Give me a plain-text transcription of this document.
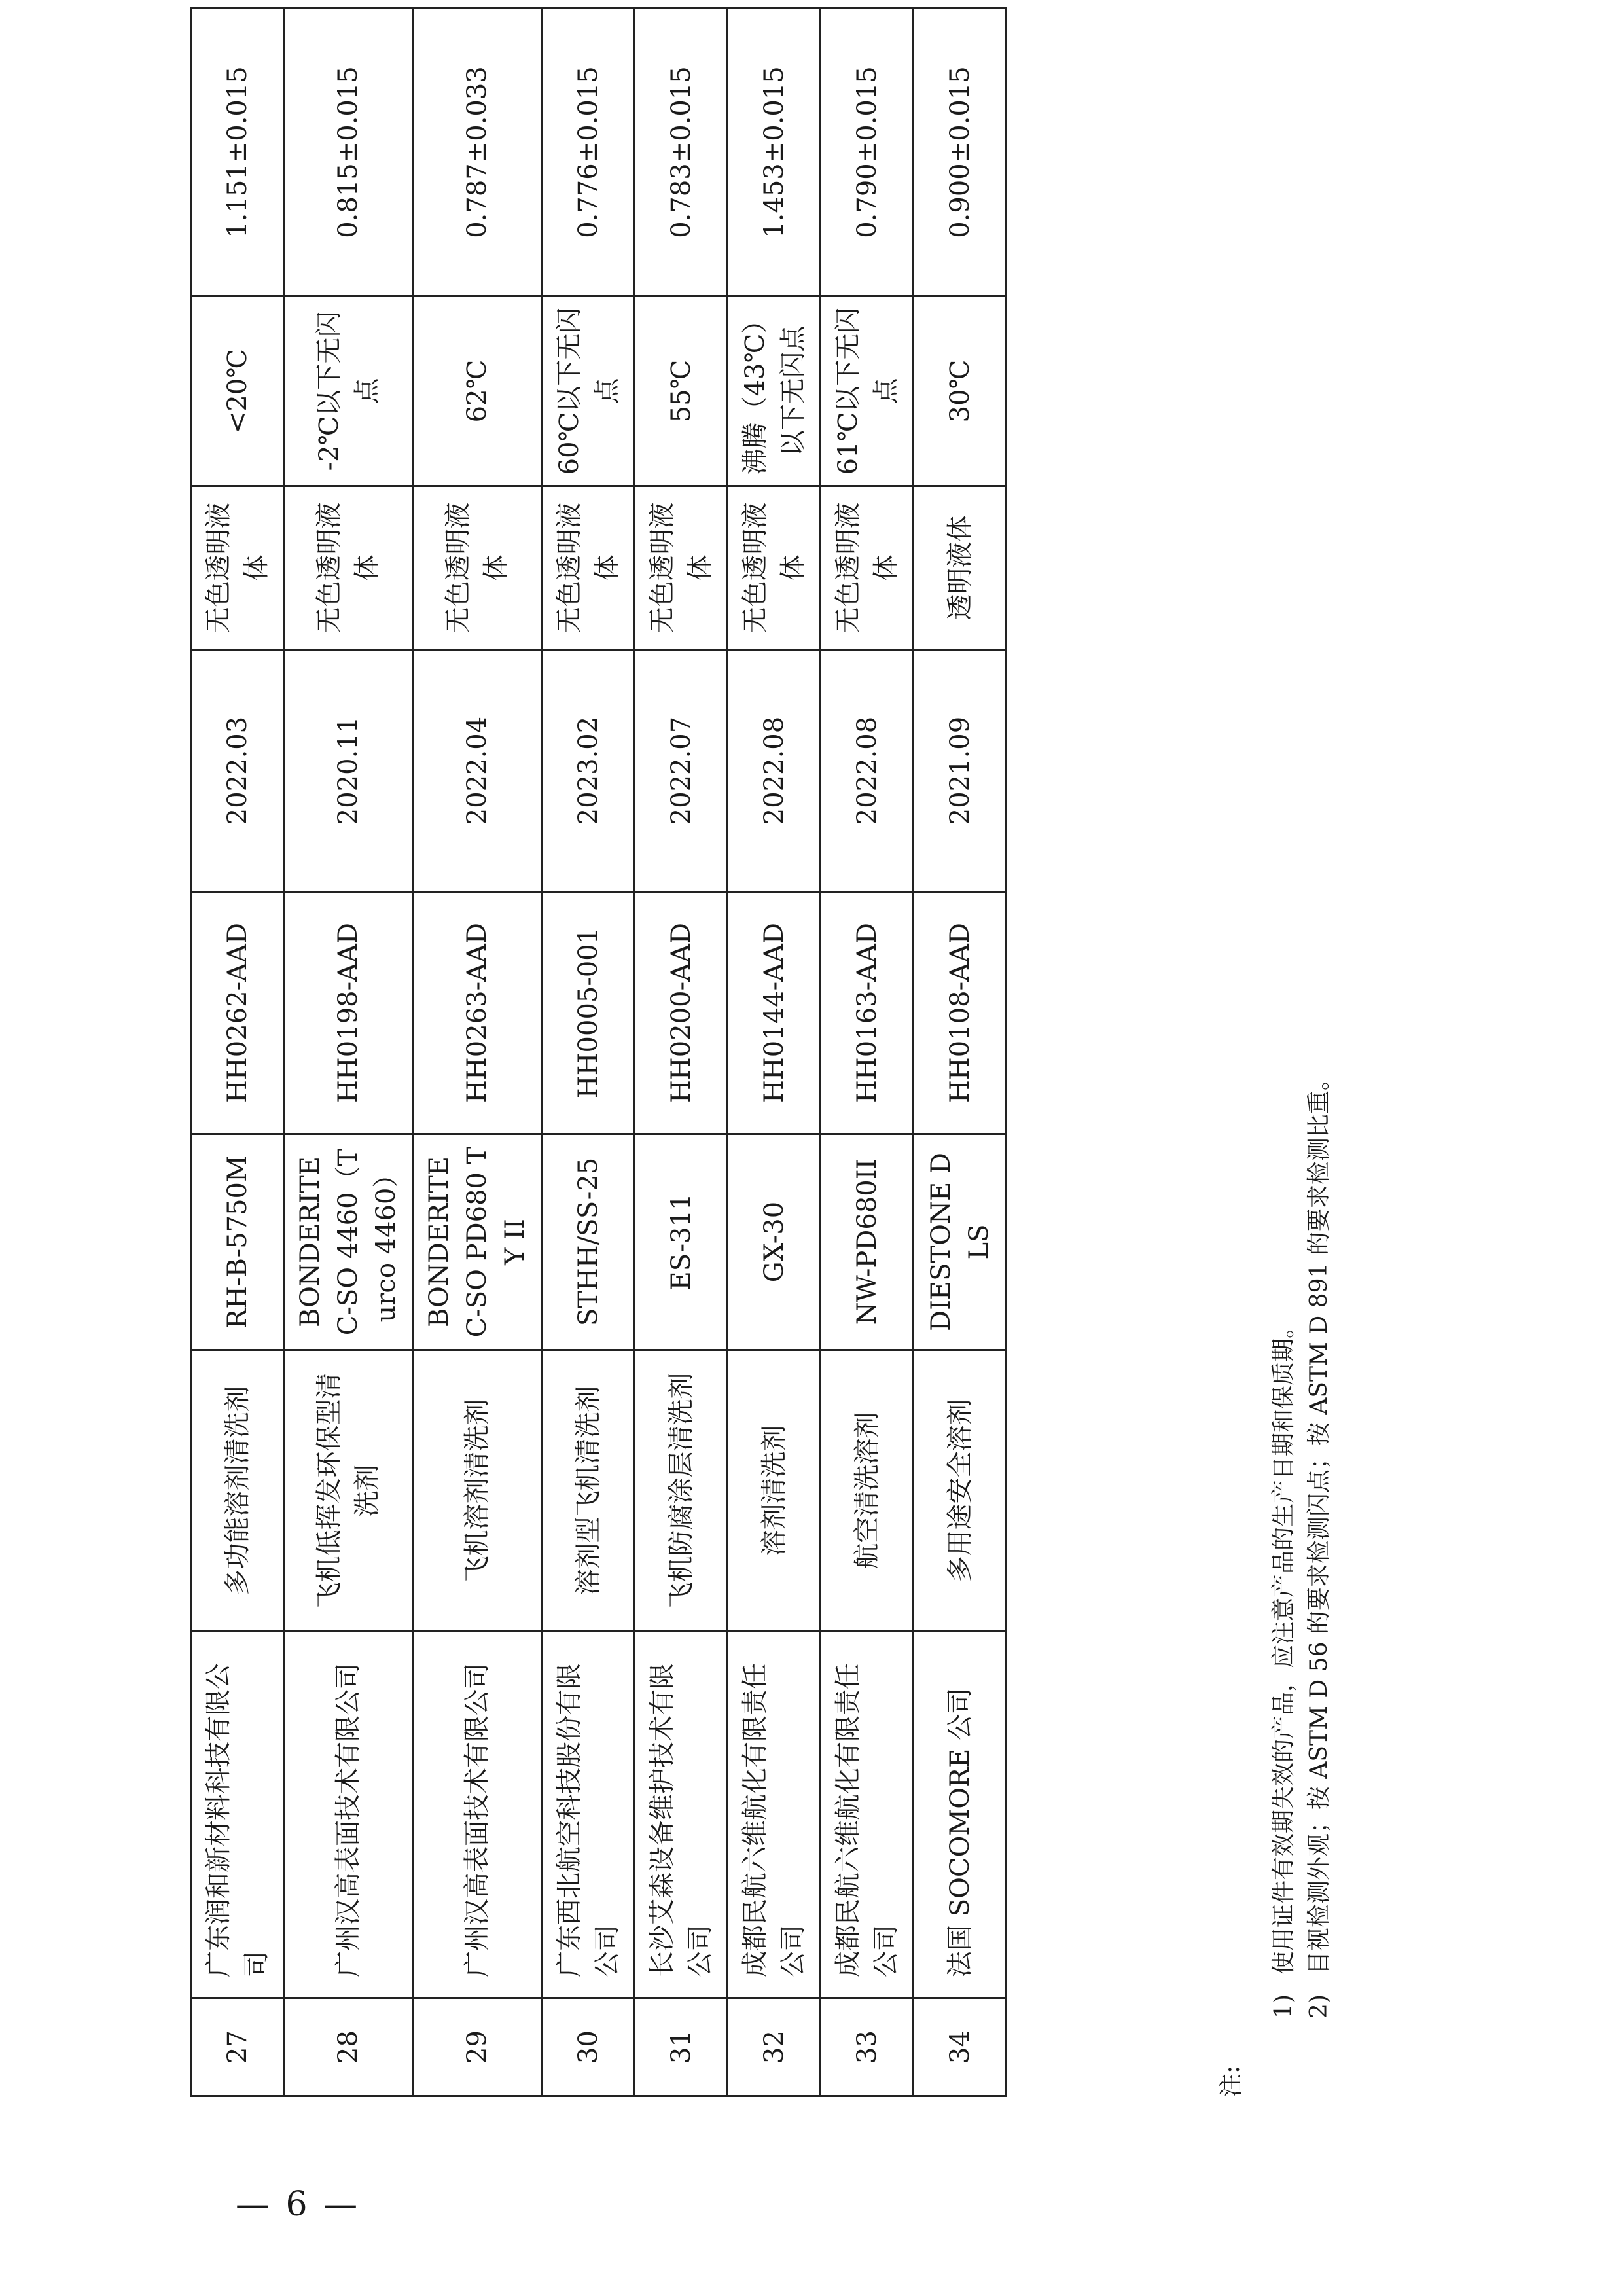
27	广东润和新材料科技有限公司	多功能溶剂清洗剂	RH-B-5750M	HH0262-AAD	2022.03	无色透明液体	<20℃	1.151±0.015
28	广州汉高表面技术有限公司	飞机低挥发环保型清洗剂	BONDERITE C-SO 4460（Turco 4460）	HH0198-AAD	2020.11	无色透明液体	-2℃以下无闪点	0.815±0.015
29	广州汉高表面技术有限公司	飞机溶剂清洗剂	BONDERITE C-SO PD680 TY II	HH0263-AAD	2022.04	无色透明液体	62℃	0.787±0.033
30	广东西北航空科技股份有限公司	溶剂型飞机清洗剂	STHH/SS-25	HH0005-001	2023.02	无色透明液体	60℃以下无闪点	0.776±0.015
31	长沙艾森设备维护技术有限公司	飞机防腐涂层清洗剂	ES-311	HH0200-AAD	2022.07	无色透明液体	55℃	0.783±0.015
32	成都民航六维航化有限责任公司	溶剂清洗剂	GX-30	HH0144-AAD	2022.08	无色透明液体	沸腾（43℃）以下无闪点	1.453±0.015
33	成都民航六维航化有限责任公司	航空清洗溶剂	NW-PD680II	HH0163-AAD	2022.08	无色透明液体	61℃以下无闪点	0.790±0.015
34	法国 SOCOMORE 公司	多用途安全溶剂	DIESTONE DLS	HH0108-AAD	2021.09	透明液体	30℃	0.900±0.015
注:
1)
使用证件有效期失效的产品，应注意产品的生产日期和保质期。
2)
目视检测外观；按 ASTM D 56 的要求检测闪点；按 ASTM D 891 的要求检测比重。
— 6 —
